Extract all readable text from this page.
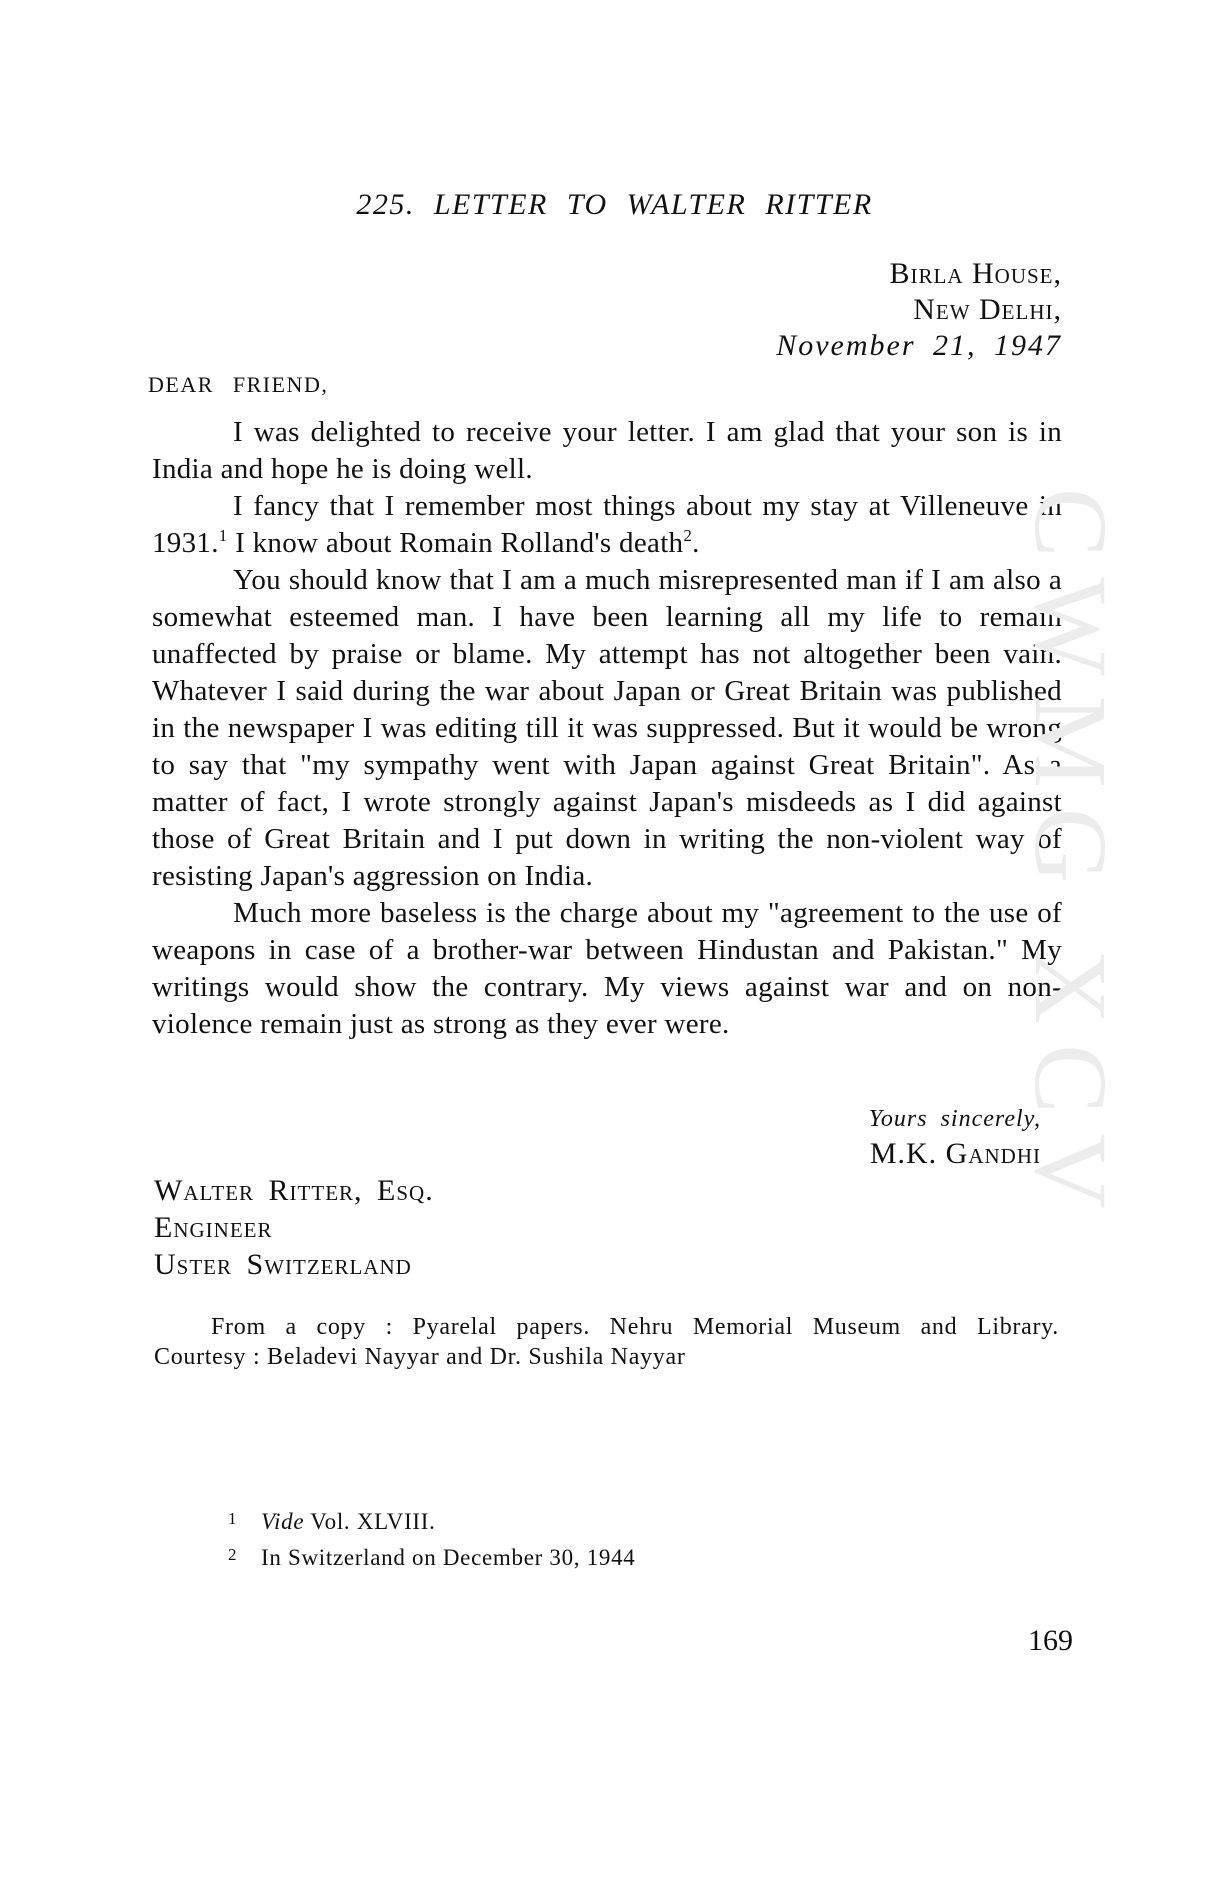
225. LETTER TO WALTER RITTER
Birla House,
New Delhi,
November 21, 1947
DEAR FRIEND,

I was delighted to receive your letter. I am glad that your son is in India and hope he is doing well.

I fancy that I remember most things about my stay at Villeneuve in 1931.$^1$ I know about Romain Rolland's death$^2$.

You should know that I am a much misrepresented man if I am also a somewhat esteemed man. I have been learning all my life to remain unaffected by praise or blame. My attempt has not altogether been vain. Whatever I said during the war about Japan or Great Britain was published in the newspaper I was editing till it was suppressed. But it would be wrong to say that "my sympathy went with Japan against Great Britain". As a matter of fact, I wrote strongly against Japan's misdeeds as I did against those of Great Britain and I put down in writing the non-violent way of resisting Japan's aggression on India.

Much more baseless is the charge about my "agreement to the use of weapons in case of a brother-war between Hindustan and Pakistan." My writings would show the contrary. My views against war and on non-violence remain just as strong as they ever were.

Yours sincerely,
M.K. Gandhi
Walter Ritter, Esq.
Engineer
Uster Switzerland
From a copy : Pyarelal papers. Nehru Memorial Museum and Library.
Courtesy : Beladevi Nayyar and Dr. Sushila Nayyar
1 Vide Vol. XLVIII.
2 In Switzerland on December 30, 1944
169
CWMG XCV
